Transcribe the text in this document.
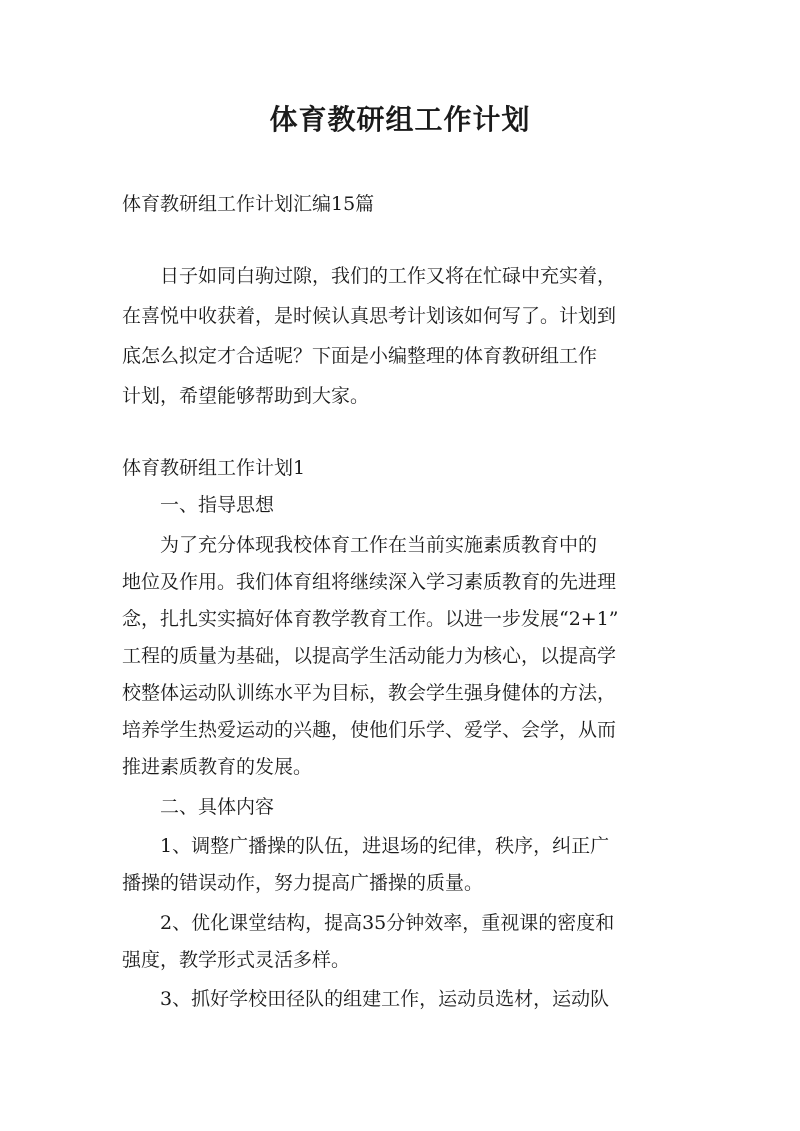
体育教研组工作计划

体育教研组工作计划汇编15篇

日子如同白驹过隙，我们的工作又将在忙碌中充实着，

在喜悦中收获着，是时候认真思考计划该如何写了。计划到

底怎么拟定才合适呢？下面是小编整理的体育教研组工作

计划，希望能够帮助到大家。

体育教研组工作计划1

一、指导思想

为了充分体现我校体育工作在当前实施素质教育中的

地位及作用。我们体育组将继续深入学习素质教育的先进理

念，扎扎实实搞好体育教学教育工作。以进一步发展“2+1”

工程的质量为基础，以提高学生活动能力为核心，以提高学

校整体运动队训练水平为目标，教会学生强身健体的方法，

培养学生热爱运动的兴趣，使他们乐学、爱学、会学，从而

推进素质教育的发展。

二、具体内容

1、调整广播操的队伍，进退场的纪律，秩序，纠正广

播操的错误动作，努力提高广播操的质量。

2、优化课堂结构，提高35分钟效率，重视课的密度和

强度，教学形式灵活多样。

3、抓好学校田径队的组建工作，运动员选材，运动队
